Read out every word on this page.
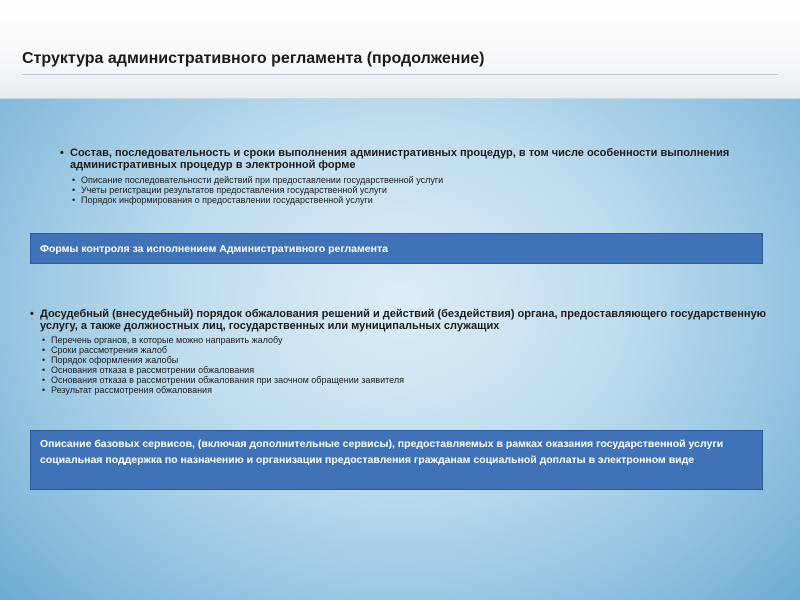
Структура административного регламента (продолжение)
• Состав, последовательность и сроки выполнения административных процедур, в том числе особенности выполнения административных процедур в электронной форме
• Описание последовательности действий при предоставлении государственной услуги
• Учеты регистрации результатов предоставления государственной услуги
• Порядок информирования о предоставлении государственной услуги
Формы контроля за исполнением Административного регламента
• Досудебный (внесудебный) порядок обжалования решений и действий (бездействия) органа, предоставляющего государственную услугу, а также должностных лиц, государственных или муниципальных служащих
• Перечень органов, в которые можно направить жалобу
• Сроки рассмотрения жалоб
• Порядок оформления жалобы
• Основания отказа в рассмотрении обжалования
• Основания отказа в рассмотрении обжалования при заочном обращении заявителя
• Результат рассмотрения обжалования
Описание базовых сервисов, (включая дополнительные сервисы), предоставляемых в рамках оказания государственной услуги социальная поддержка по назначению и организации предоставления гражданам социальной доплаты в электронном виде
